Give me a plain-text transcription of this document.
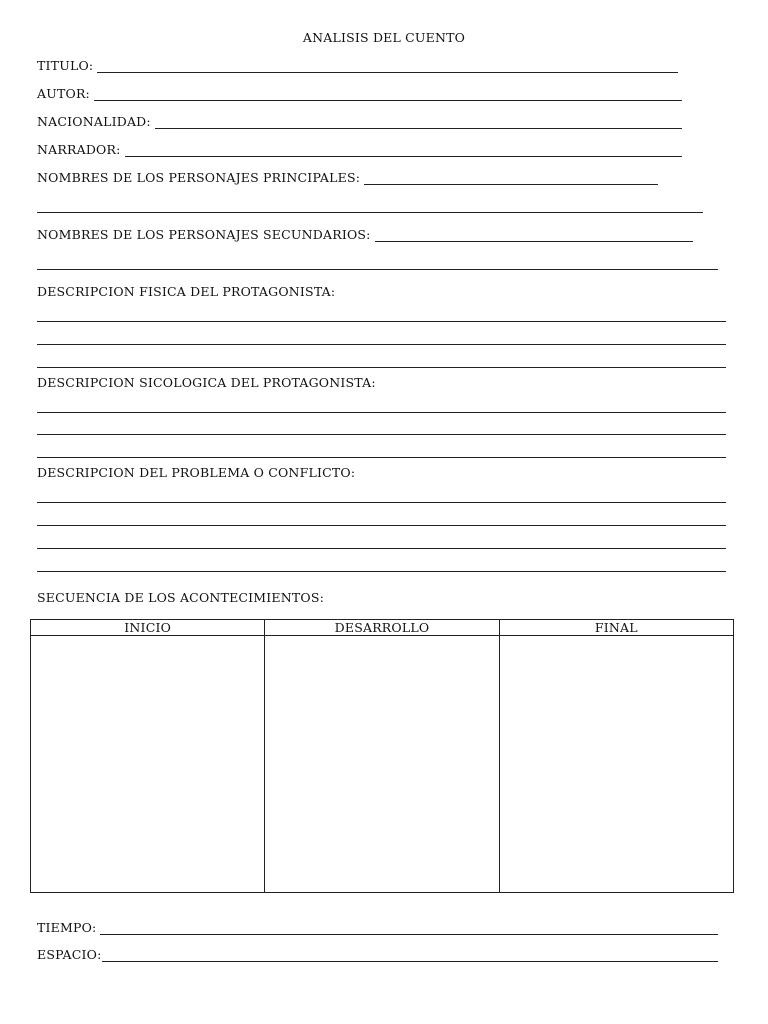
ANALISIS DEL CUENTO
TITULO:
AUTOR:
NACIONALIDAD:
NARRADOR:
NOMBRES DE LOS PERSONAJES PRINCIPALES:
NOMBRES DE LOS PERSONAJES SECUNDARIOS:
DESCRIPCION FISICA DEL PROTAGONISTA:
DESCRIPCION SICOLOGICA DEL PROTAGONISTA:
DESCRIPCION DEL PROBLEMA O CONFLICTO:
SECUENCIA DE LOS ACONTECIMIENTOS:
INICIO	DESARROLLO	FINAL

TIEMPO:
ESPACIO:
